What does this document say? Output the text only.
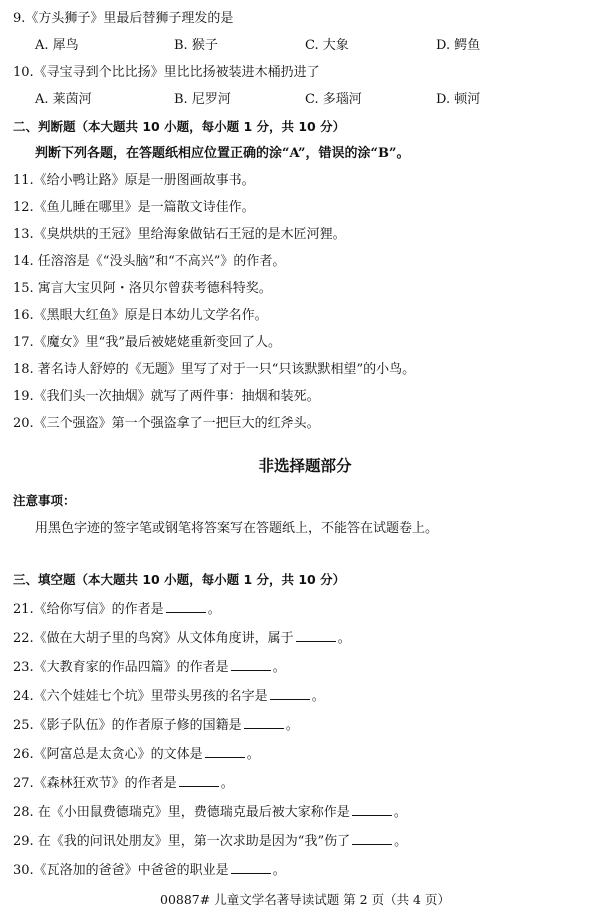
9.《方头狮子》里最后替狮子理发的是
A. 犀鸟	B. 猴子	C. 大象	D. 鳄鱼
10.《寻宝寻到个比比扬》里比比扬被装进木桶扔进了
A. 莱茵河	B. 尼罗河	C. 多瑙河	D. 顿河
二、判断题（本大题共 10 小题，每小题 1 分，共 10 分）
判断下列各题，在答题纸相应位置正确的涂“A”，错误的涂“B”。
11.《给小鸭让路》原是一册图画故事书。
12.《鱼儿睡在哪里》是一篇散文诗佳作。
13.《臭烘烘的王冠》里给海象做钻石王冠的是木匠河狸。
14. 任溶溶是《“没头脑”和“不高兴”》的作者。
15. 寓言大宝贝阿・洛贝尔曾获考德科特奖。
16.《黑眼大红鱼》原是日本幼儿文学名作。
17.《魔女》里“我”最后被姥姥重新变回了人。
18. 著名诗人舒婷的《无题》里写了对于一只“只该默默相望”的小鸟。
19.《我们头一次抽烟》就写了两件事：抽烟和装死。
20.《三个强盗》第一个强盗拿了一把巨大的红斧头。
非选择题部分
注意事项：
用黑色字迹的签字笔或钢笔将答案写在答题纸上，不能答在试题卷上。
三、填空题（本大题共 10 小题，每小题 1 分，共 10 分）
21.《给你写信》的作者是	。
22.《做在大胡子里的鸟窝》从文体角度讲，属于	。
23.《大教育家的作品四篇》的作者是	。
24.《六个娃娃七个坑》里带头男孩的名字是	。
25.《影子队伍》的作者原子修的国籍是	。
26.《阿富总是太贪心》的文体是	。
27.《森林狂欢节》的作者是	。
28. 在《小田鼠费德瑞克》里，费德瑞克最后被大家称作是	。
29. 在《我的问讯处朋友》里，第一次求助是因为“我”伤了	。
30.《瓦洛加的爸爸》中爸爸的职业是	。
00887# 儿童文学名著导读试题 第 2 页（共 4 页）
